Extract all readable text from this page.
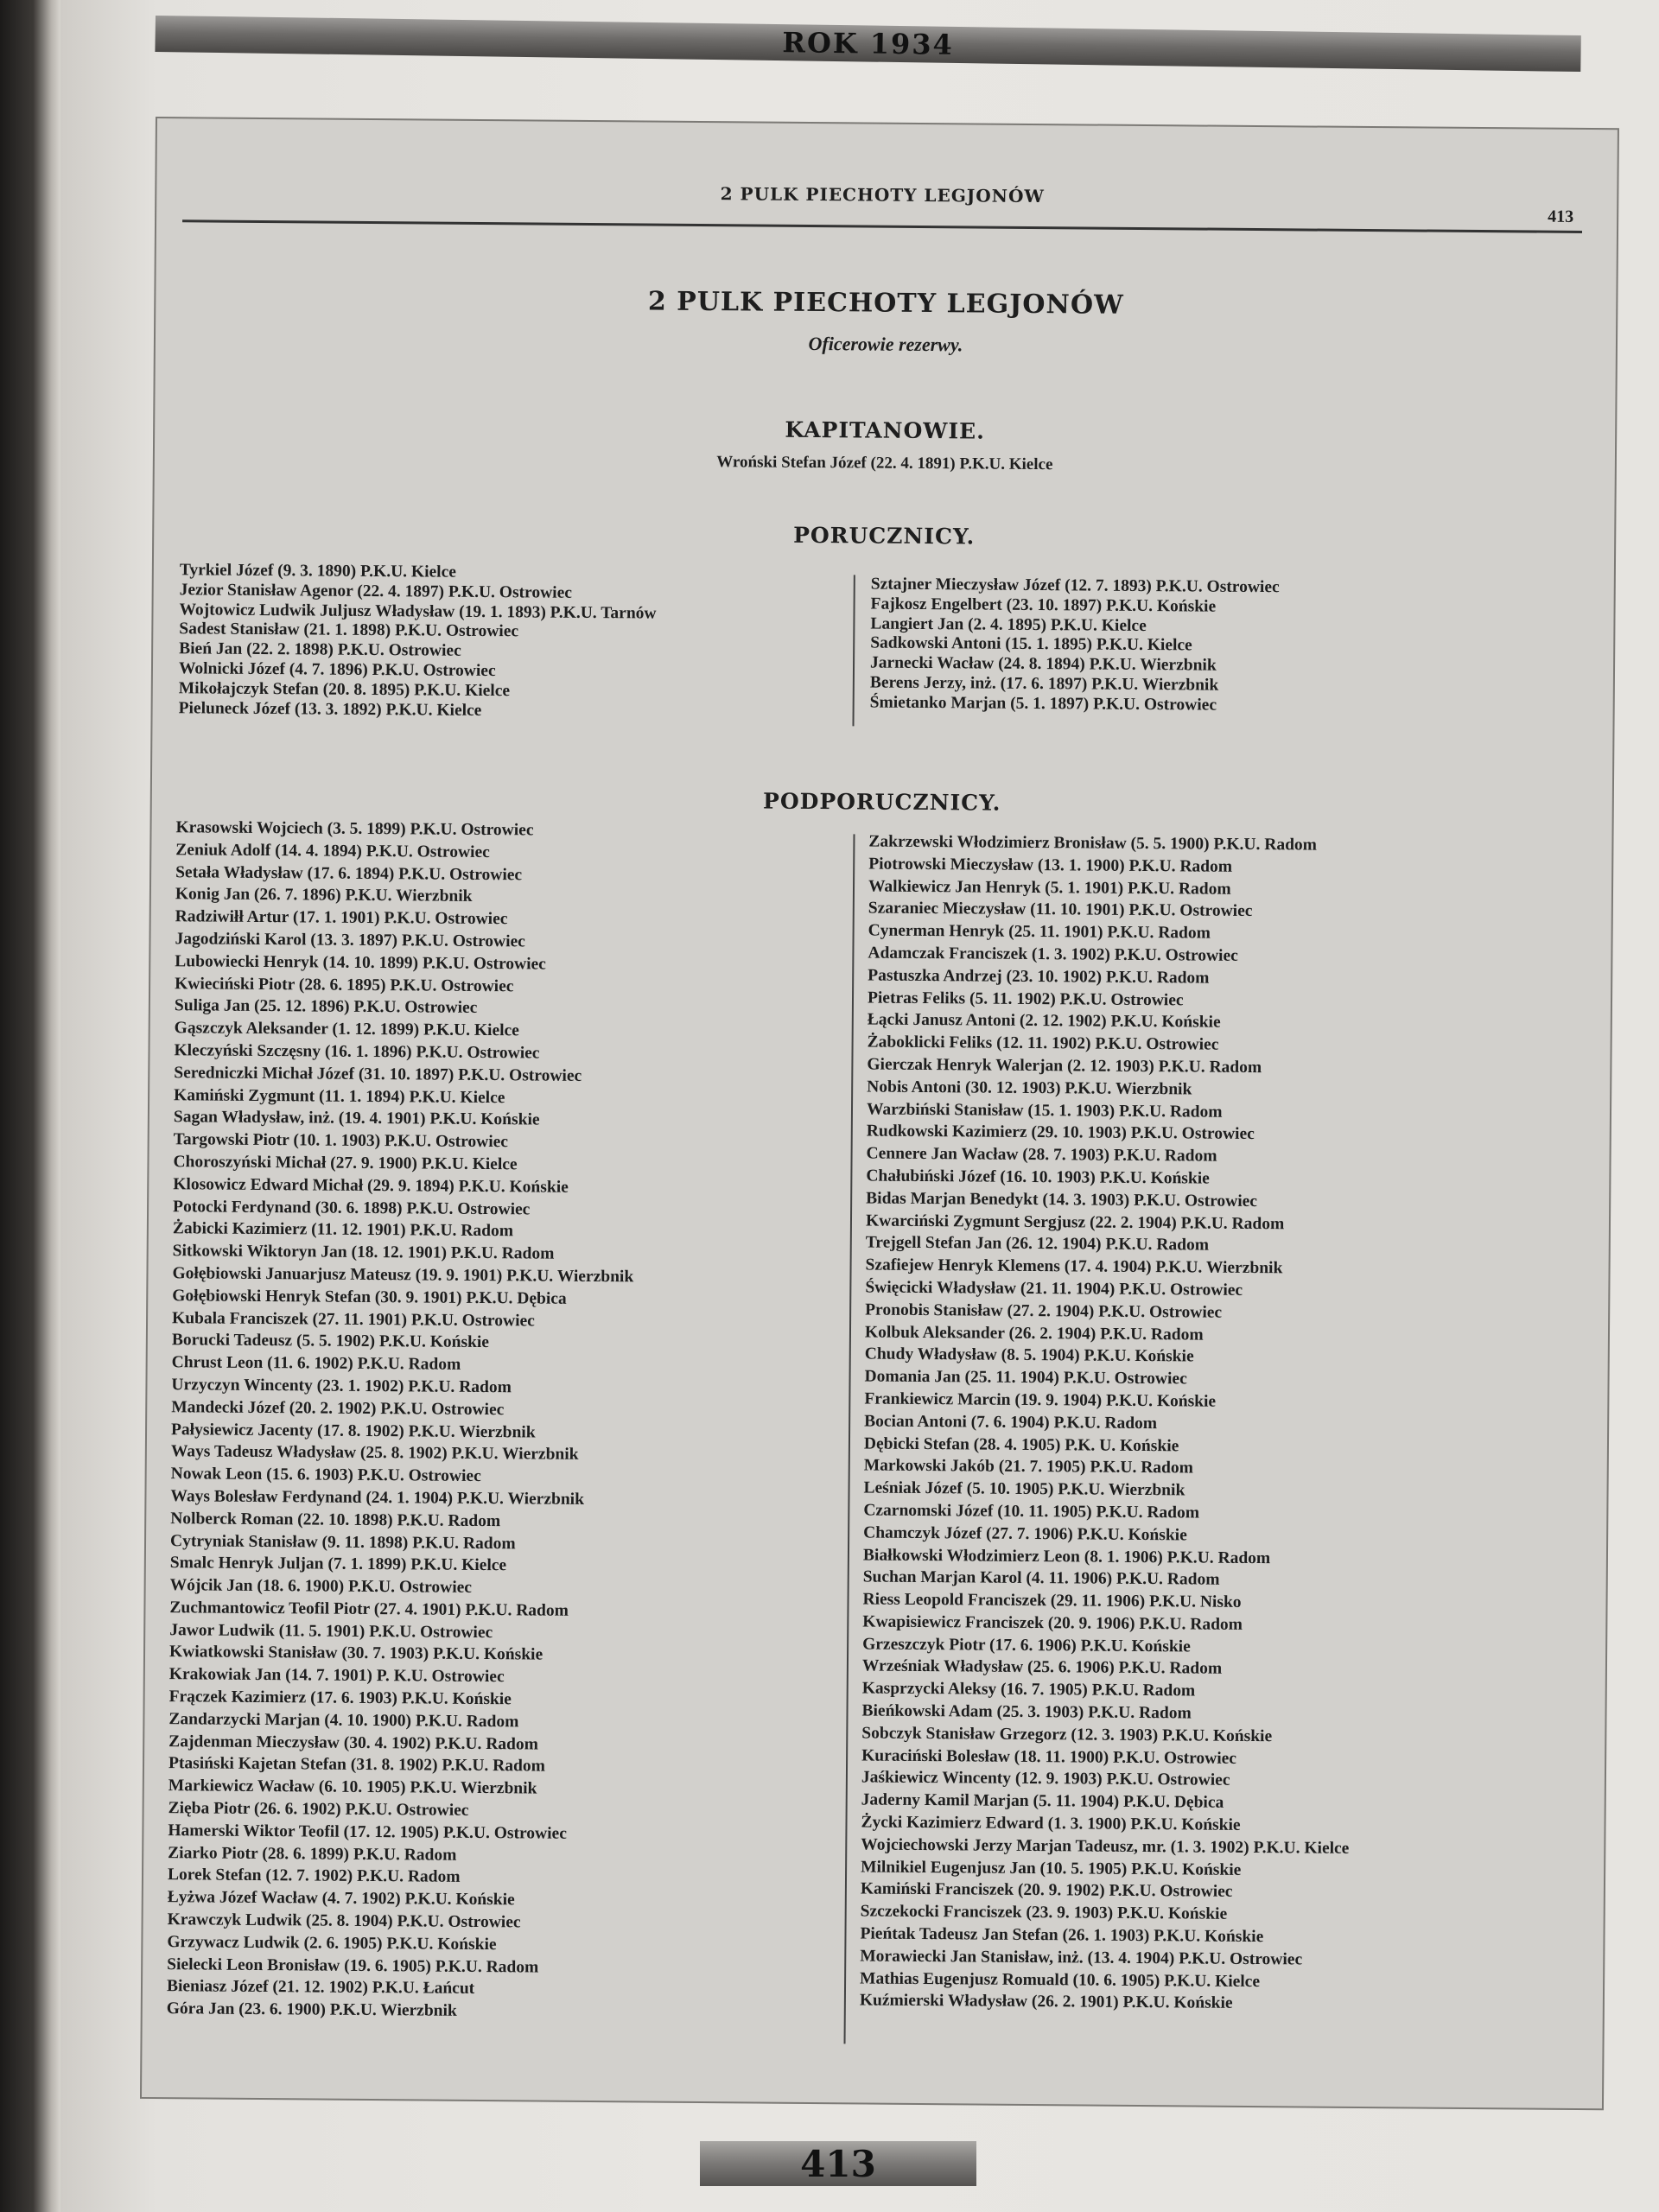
ROK 1934
2 PULK PIECHOTY LEGJONÓW
413
2 PULK PIECHOTY LEGJONÓW
Oficerowie rezerwy.
KAPITANOWIE.
Wroński Stefan Józef (22. 4. 1891) P.K.U. Kielce
PORUCZNICY.
Tyrkiel Józef (9. 3. 1890) P.K.U. Kielce
Jezior Stanisław Agenor (22. 4. 1897) P.K.U. Ostrowiec
Wojtowicz Ludwik Juljusz Władysław (19. 1. 1893) P.K.U. Tarnów
Sadest Stanisław (21. 1. 1898) P.K.U. Ostrowiec
Bień Jan (22. 2. 1898) P.K.U. Ostrowiec
Wolnicki Józef (4. 7. 1896) P.K.U. Ostrowiec
Mikołajczyk Stefan (20. 8. 1895) P.K.U. Kielce
Pieluneck Józef (13. 3. 1892) P.K.U. Kielce
Sztajner Mieczysław Józef (12. 7. 1893) P.K.U. Ostrowiec
Fajkosz Engelbert (23. 10. 1897) P.K.U. Końskie
Langiert Jan (2. 4. 1895) P.K.U. Kielce
Sadkowski Antoni (15. 1. 1895) P.K.U. Kielce
Jarnecki Wacław (24. 8. 1894) P.K.U. Wierzbnik
Berens Jerzy, inż. (17. 6. 1897) P.K.U. Wierzbnik
Śmietanko Marjan (5. 1. 1897) P.K.U. Ostrowiec
PODPORUCZNICY.
Krasowski Wojciech (3. 5. 1899) P.K.U. Ostrowiec
Zeniuk Adolf (14. 4. 1894) P.K.U. Ostrowiec
Setała Władysław (17. 6. 1894) P.K.U. Ostrowiec
Konig Jan (26. 7. 1896) P.K.U. Wierzbnik
Radziwiłł Artur (17. 1. 1901) P.K.U. Ostrowiec
Jagodziński Karol (13. 3. 1897) P.K.U. Ostrowiec
Lubowiecki Henryk (14. 10. 1899) P.K.U. Ostrowiec
Kwieciński Piotr (28. 6. 1895) P.K.U. Ostrowiec
Suliga Jan (25. 12. 1896) P.K.U. Ostrowiec
Gąszczyk Aleksander (1. 12. 1899) P.K.U. Kielce
Kleczyński Szczęsny (16. 1. 1896) P.K.U. Ostrowiec
Seredniczki Michał Józef (31. 10. 1897) P.K.U. Ostrowiec
Kamiński Zygmunt (11. 1. 1894) P.K.U. Kielce
Sagan Władysław, inż. (19. 4. 1901) P.K.U. Końskie
Targowski Piotr (10. 1. 1903) P.K.U. Ostrowiec
Choroszyński Michał (27. 9. 1900) P.K.U. Kielce
Klosowicz Edward Michał (29. 9. 1894) P.K.U. Końskie
Potocki Ferdynand (30. 6. 1898) P.K.U. Ostrowiec
Żabicki Kazimierz (11. 12. 1901) P.K.U. Radom
Sitkowski Wiktoryn Jan (18. 12. 1901) P.K.U. Radom
Gołębiowski Januarjusz Mateusz (19. 9. 1901) P.K.U. Wierzbnik
Gołębiowski Henryk Stefan (30. 9. 1901) P.K.U. Dębica
Kubala Franciszek (27. 11. 1901) P.K.U. Ostrowiec
Borucki Tadeusz (5. 5. 1902) P.K.U. Końskie
Chrust Leon (11. 6. 1902) P.K.U. Radom
Urzyczyn Wincenty (23. 1. 1902) P.K.U. Radom
Mandecki Józef (20. 2. 1902) P.K.U. Ostrowiec
Pałysiewicz Jacenty (17. 8. 1902) P.K.U. Wierzbnik
Ways Tadeusz Władysław (25. 8. 1902) P.K.U. Wierzbnik
Nowak Leon (15. 6. 1903) P.K.U. Ostrowiec
Ways Bolesław Ferdynand (24. 1. 1904) P.K.U. Wierzbnik
Nolberck Roman (22. 10. 1898) P.K.U. Radom
Cytryniak Stanisław (9. 11. 1898) P.K.U. Radom
Smalc Henryk Juljan (7. 1. 1899) P.K.U. Kielce
Wójcik Jan (18. 6. 1900) P.K.U. Ostrowiec
Zuchmantowicz Teofil Piotr (27. 4. 1901) P.K.U. Radom
Jawor Ludwik (11. 5. 1901) P.K.U. Ostrowiec
Kwiatkowski Stanisław (30. 7. 1903) P.K.U. Końskie
Krakowiak Jan (14. 7. 1901) P. K.U. Ostrowiec
Frączek Kazimierz (17. 6. 1903) P.K.U. Końskie
Zandarzycki Marjan (4. 10. 1900) P.K.U. Radom
Zajdenman Mieczysław (30. 4. 1902) P.K.U. Radom
Ptasiński Kajetan Stefan (31. 8. 1902) P.K.U. Radom
Markiewicz Wacław (6. 10. 1905) P.K.U. Wierzbnik
Zięba Piotr (26. 6. 1902) P.K.U. Ostrowiec
Hamerski Wiktor Teofil (17. 12. 1905) P.K.U. Ostrowiec
Ziarko Piotr (28. 6. 1899) P.K.U. Radom
Lorek Stefan (12. 7. 1902) P.K.U. Radom
Łyżwa Józef Wacław (4. 7. 1902) P.K.U. Końskie
Krawczyk Ludwik (25. 8. 1904) P.K.U. Ostrowiec
Grzywacz Ludwik (2. 6. 1905) P.K.U. Końskie
Sielecki Leon Bronisław (19. 6. 1905) P.K.U. Radom
Bieniasz Józef (21. 12. 1902) P.K.U. Łańcut
Góra Jan (23. 6. 1900) P.K.U. Wierzbnik
Zakrzewski Włodzimierz Bronisław (5. 5. 1900) P.K.U. Radom
Piotrowski Mieczysław (13. 1. 1900) P.K.U. Radom
Walkiewicz Jan Henryk (5. 1. 1901) P.K.U. Radom
Szaraniec Mieczysław (11. 10. 1901) P.K.U. Ostrowiec
Cynerman Henryk (25. 11. 1901) P.K.U. Radom
Adamczak Franciszek (1. 3. 1902) P.K.U. Ostrowiec
Pastuszka Andrzej (23. 10. 1902) P.K.U. Radom
Pietras Feliks (5. 11. 1902) P.K.U. Ostrowiec
Łącki Janusz Antoni (2. 12. 1902) P.K.U. Końskie
Żaboklicki Feliks (12. 11. 1902) P.K.U. Ostrowiec
Gierczak Henryk Walerjan (2. 12. 1903) P.K.U. Radom
Nobis Antoni (30. 12. 1903) P.K.U. Wierzbnik
Warzbiński Stanisław (15. 1. 1903) P.K.U. Radom
Rudkowski Kazimierz (29. 10. 1903) P.K.U. Ostrowiec
Cennere Jan Wacław (28. 7. 1903) P.K.U. Radom
Chałubiński Józef (16. 10. 1903) P.K.U. Końskie
Bidas Marjan Benedykt (14. 3. 1903) P.K.U. Ostrowiec
Kwarciński Zygmunt Sergjusz (22. 2. 1904) P.K.U. Radom
Trejgell Stefan Jan (26. 12. 1904) P.K.U. Radom
Szafiejew Henryk Klemens (17. 4. 1904) P.K.U. Wierzbnik
Święcicki Władysław (21. 11. 1904) P.K.U. Ostrowiec
Pronobis Stanisław (27. 2. 1904) P.K.U. Ostrowiec
Kolbuk Aleksander (26. 2. 1904) P.K.U. Radom
Chudy Władysław (8. 5. 1904) P.K.U. Końskie
Domania Jan (25. 11. 1904) P.K.U. Ostrowiec
Frankiewicz Marcin (19. 9. 1904) P.K.U. Końskie
Bocian Antoni (7. 6. 1904) P.K.U. Radom
Dębicki Stefan (28. 4. 1905) P.K. U. Końskie
Markowski Jakób (21. 7. 1905) P.K.U. Radom
Leśniak Józef (5. 10. 1905) P.K.U. Wierzbnik
Czarnomski Józef (10. 11. 1905) P.K.U. Radom
Chamczyk Józef (27. 7. 1906) P.K.U. Końskie
Białkowski Włodzimierz Leon (8. 1. 1906) P.K.U. Radom
Suchan Marjan Karol (4. 11. 1906) P.K.U. Radom
Riess Leopold Franciszek (29. 11. 1906) P.K.U. Nisko
Kwapisiewicz Franciszek (20. 9. 1906) P.K.U. Radom
Grzeszczyk Piotr (17. 6. 1906) P.K.U. Końskie
Wrześniak Władysław (25. 6. 1906) P.K.U. Radom
Kasprzycki Aleksy (16. 7. 1905) P.K.U. Radom
Bieńkowski Adam (25. 3. 1903) P.K.U. Radom
Sobczyk Stanisław Grzegorz (12. 3. 1903) P.K.U. Końskie
Kuraciński Bolesław (18. 11. 1900) P.K.U. Ostrowiec
Jaśkiewicz Wincenty (12. 9. 1903) P.K.U. Ostrowiec
Jaderny Kamil Marjan (5. 11. 1904) P.K.U. Dębica
Życki Kazimierz Edward (1. 3. 1900) P.K.U. Końskie
Wojciechowski Jerzy Marjan Tadeusz, mr. (1. 3. 1902) P.K.U. Kielce
Milnikiel Eugenjusz Jan (10. 5. 1905) P.K.U. Końskie
Kamiński Franciszek (20. 9. 1902) P.K.U. Ostrowiec
Szczekocki Franciszek (23. 9. 1903) P.K.U. Końskie
Pieńtak Tadeusz Jan Stefan (26. 1. 1903) P.K.U. Końskie
Morawiecki Jan Stanisław, inż. (13. 4. 1904) P.K.U. Ostrowiec
Mathias Eugenjusz Romuald (10. 6. 1905) P.K.U. Kielce
Kuźmierski Władysław (26. 2. 1901) P.K.U. Końskie
413
